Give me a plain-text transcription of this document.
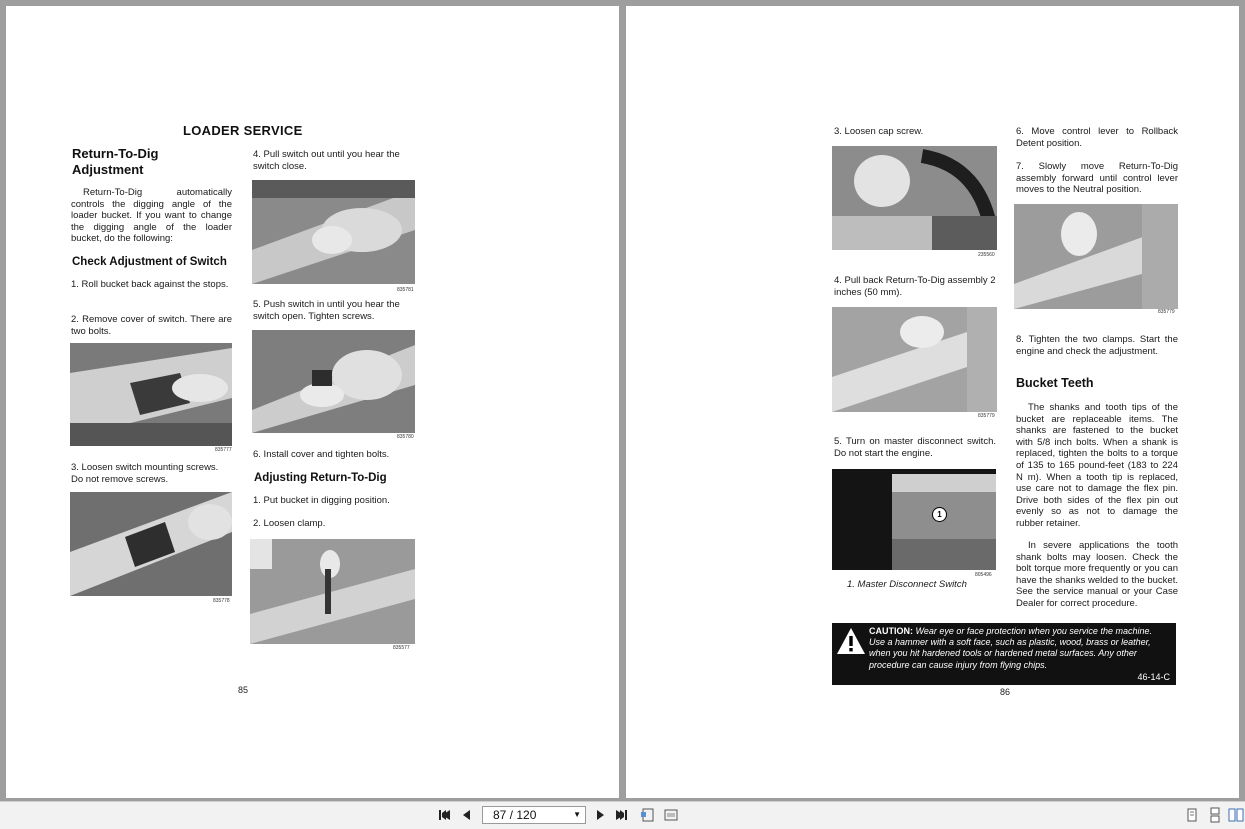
LOADER SERVICE
Return-To-Dig
Adjustment
Return-To-Dig automatically controls the digging angle of the loader bucket. If you want to change the digging angle of the loader bucket, do the following:
Check Adjustment of Switch
1. Roll bucket back against the stops.
2. Remove cover of switch. There are two bolts.
835777
3. Loosen switch mounting screws. Do not remove screws.
835778
4. Pull switch out until you hear the switch close.
835781
5. Push switch in until you hear the switch open. Tighten screws.
835780
6. Install cover and tighten bolts.
Adjusting Return-To-Dig
1. Put bucket in digging position.
2. Loosen clamp.
835577
85
3. Loosen cap screw.
235560
4. Pull back Return-To-Dig assembly 2 inches (50 mm).
835779
5. Turn on master disconnect switch. Do not start the engine.
1
805496
1. Master Disconnect Switch
6. Move control lever to Rollback Detent position.
7. Slowly move Return-To-Dig assembly forward until control lever moves to the Neutral position.
835779
8. Tighten the two clamps. Start the engine and check the adjustment.
Bucket Teeth
The shanks and tooth tips of the bucket are replaceable items. The shanks are fastened to the bucket with 5/8 inch bolts. When a shank is replaced, tighten the bolts to a torque of 135 to 165 pound-feet (183 to 224 N m). When a tooth tip is replaced, use care not to damage the flex pin. Drive both sides of the flex pin out evenly so as not to damage the rubber retainer.
In severe applications the tooth shank bolts may loosen. Check the bolt torque more frequently or you can have the shanks welded to the bucket. See the service manual or your Case Dealer for correct procedure.
CAUTION: Wear eye or face protection when you service the machine. Use a hammer with a soft face, such as plastic, wood, brass or leather, when you hit hardened tools or hardened metal surfaces. Any other procedure can cause injury from flying chips.
46-14-C
86
87 / 120	▼
